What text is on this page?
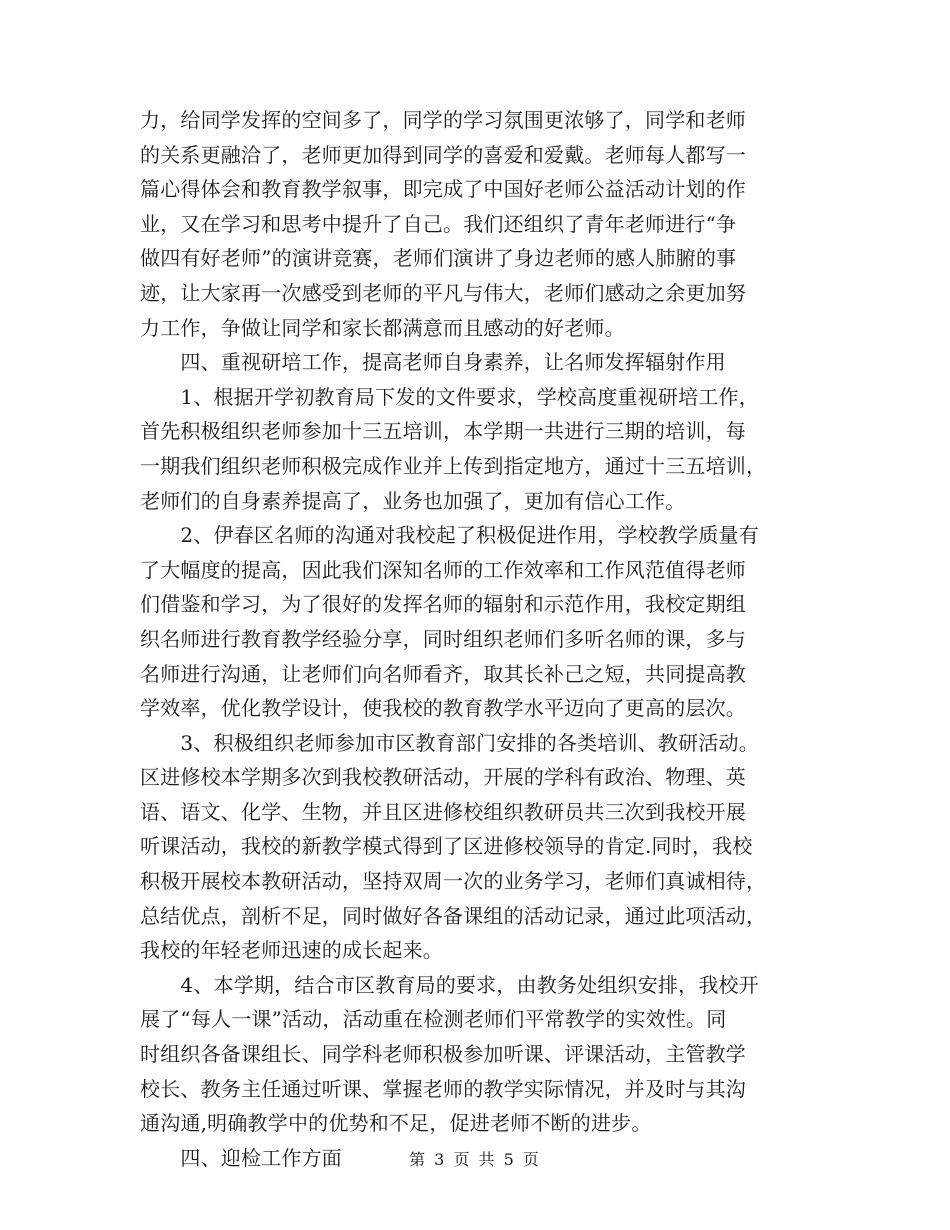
力，给同学发挥的空间多了，同学的学习氛围更浓够了，同学和老师
的关系更融洽了，老师更加得到同学的喜爱和爱戴。老师每人都写一
篇心得体会和教育教学叙事，即完成了中国好老师公益活动计划的作
业，又在学习和思考中提升了自己。我们还组织了青年老师进行“争
做四有好老师”的演讲竞赛，老师们演讲了身边老师的感人肺腑的事
迹，让大家再一次感受到老师的平凡与伟大，老师们感动之余更加努
力工作，争做让同学和家长都满意而且感动的好老师。
　　四、重视研培工作，提高老师自身素养，让名师发挥辐射作用
　　1、根据开学初教育局下发的文件要求，学校高度重视研培工作，
首先积极组织老师参加十三五培训，本学期一共进行三期的培训，每
一期我们组织老师积极完成作业并上传到指定地方，通过十三五培训，
老师们的自身素养提高了，业务也加强了，更加有信心工作。
　　2、伊春区名师的沟通对我校起了积极促进作用，学校教学质量有
了大幅度的提高，因此我们深知名师的工作效率和工作风范值得老师
们借鉴和学习，为了很好的发挥名师的辐射和示范作用，我校定期组
织名师进行教育教学经验分享，同时组织老师们多听名师的课，多与
名师进行沟通，让老师们向名师看齐，取其长补己之短，共同提高教
学效率，优化教学设计，使我校的教育教学水平迈向了更高的层次。
　　3、积极组织老师参加市区教育部门安排的各类培训、教研活动。
区进修校本学期多次到我校教研活动，开展的学科有政治、物理、英
语、语文、化学、生物，并且区进修校组织教研员共三次到我校开展
听课活动，我校的新教学模式得到了区进修校领导的肯定.同时，我校
积极开展校本教研活动，坚持双周一次的业务学习，老师们真诚相待，
总结优点，剖析不足，同时做好各备课组的活动记录，通过此项活动，
我校的年轻老师迅速的成长起来。
　　4、本学期，结合市区教育局的要求，由教务处组织安排，我校开
展了“每人一课”活动，活动重在检测老师们平常教学的实效性。同
时组织各备课组长、同学科老师积极参加听课、评课活动，主管教学
校长、教务主任通过听课、掌握老师的教学实际情况，并及时与其沟
通沟通,明确教学中的优势和不足，促进老师不断的进步。
　　四、迎检工作方面	第 3 页 共 5 页
